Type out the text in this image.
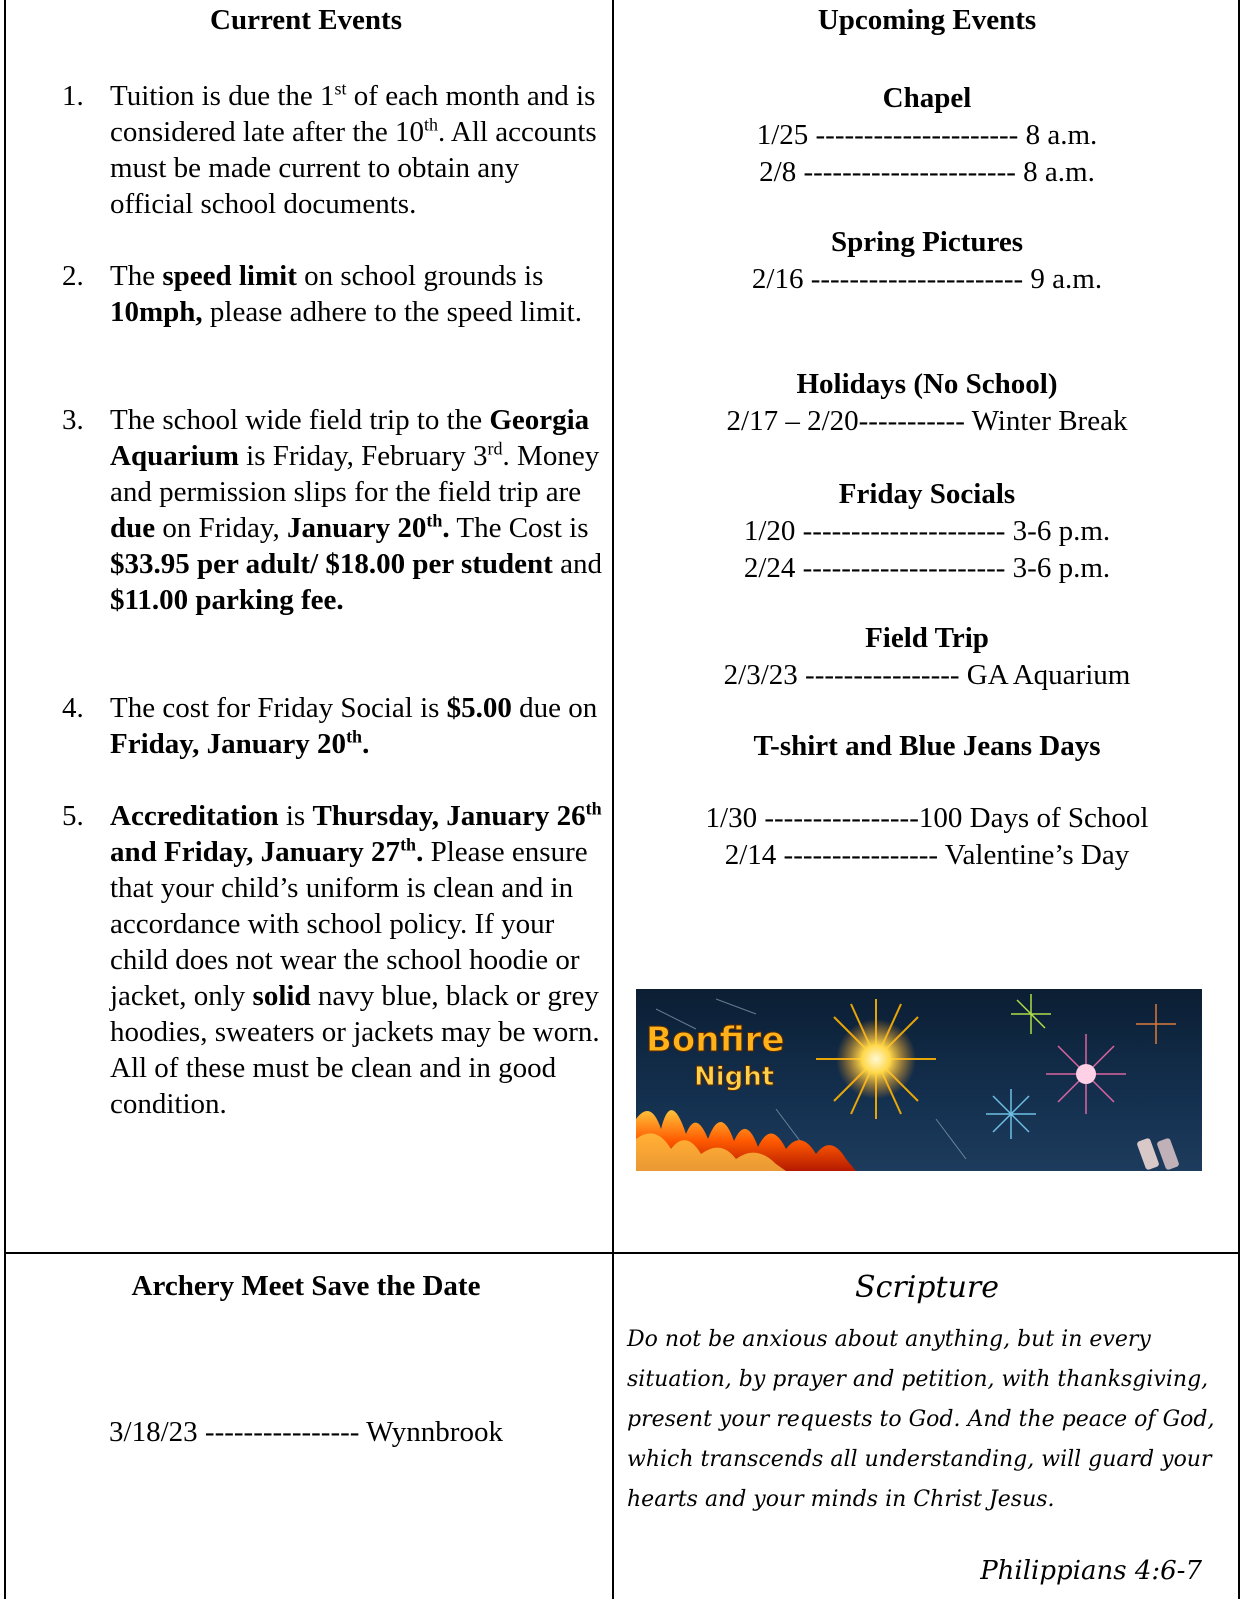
Current Events
1. Tuition is due the 1st of each month and is considered late after the 10th. All accounts must be made current to obtain any official school documents.
2. The speed limit on school grounds is 10mph, please adhere to the speed limit.
3. The school wide field trip to the Georgia Aquarium is Friday, February 3rd. Money and permission slips for the field trip are due on Friday, January 20th. The Cost is $33.95 per adult/ $18.00 per student and $11.00 parking fee.
4. The cost for Friday Social is $5.00 due on Friday, January 20th.
5. Accreditation is Thursday, January 26th and Friday, January 27th. Please ensure that your child’s uniform is clean and in accordance with school policy. If your child does not wear the school hoodie or jacket, only solid navy blue, black or grey hoodies, sweaters or jackets may be worn. All of these must be clean and in good condition.
Upcoming Events
Chapel
1/25 --------------------- 8 a.m.
2/8 ---------------------- 8 a.m.
Spring Pictures
2/16 ---------------------- 9 a.m.
Holidays (No School)
2/17 – 2/20----------- Winter Break
Friday Socials
1/20 --------------------- 3-6 p.m.
2/24 --------------------- 3-6 p.m.
Field Trip
2/3/23 ---------------- GA Aquarium
T-shirt and Blue Jeans Days
1/30 ----------------100 Days of School
2/14 ---------------- Valentine’s Day
Bonfire
Night
Archery Meet Save the Date
3/18/23 ---------------- Wynnbrook
Scripture
Do not be anxious about anything, but in every situation, by prayer and petition, with thanksgiving, present your requests to God. And the peace of God, which transcends all understanding, will guard your hearts and your minds in Christ Jesus.
Philippians 4:6-7
